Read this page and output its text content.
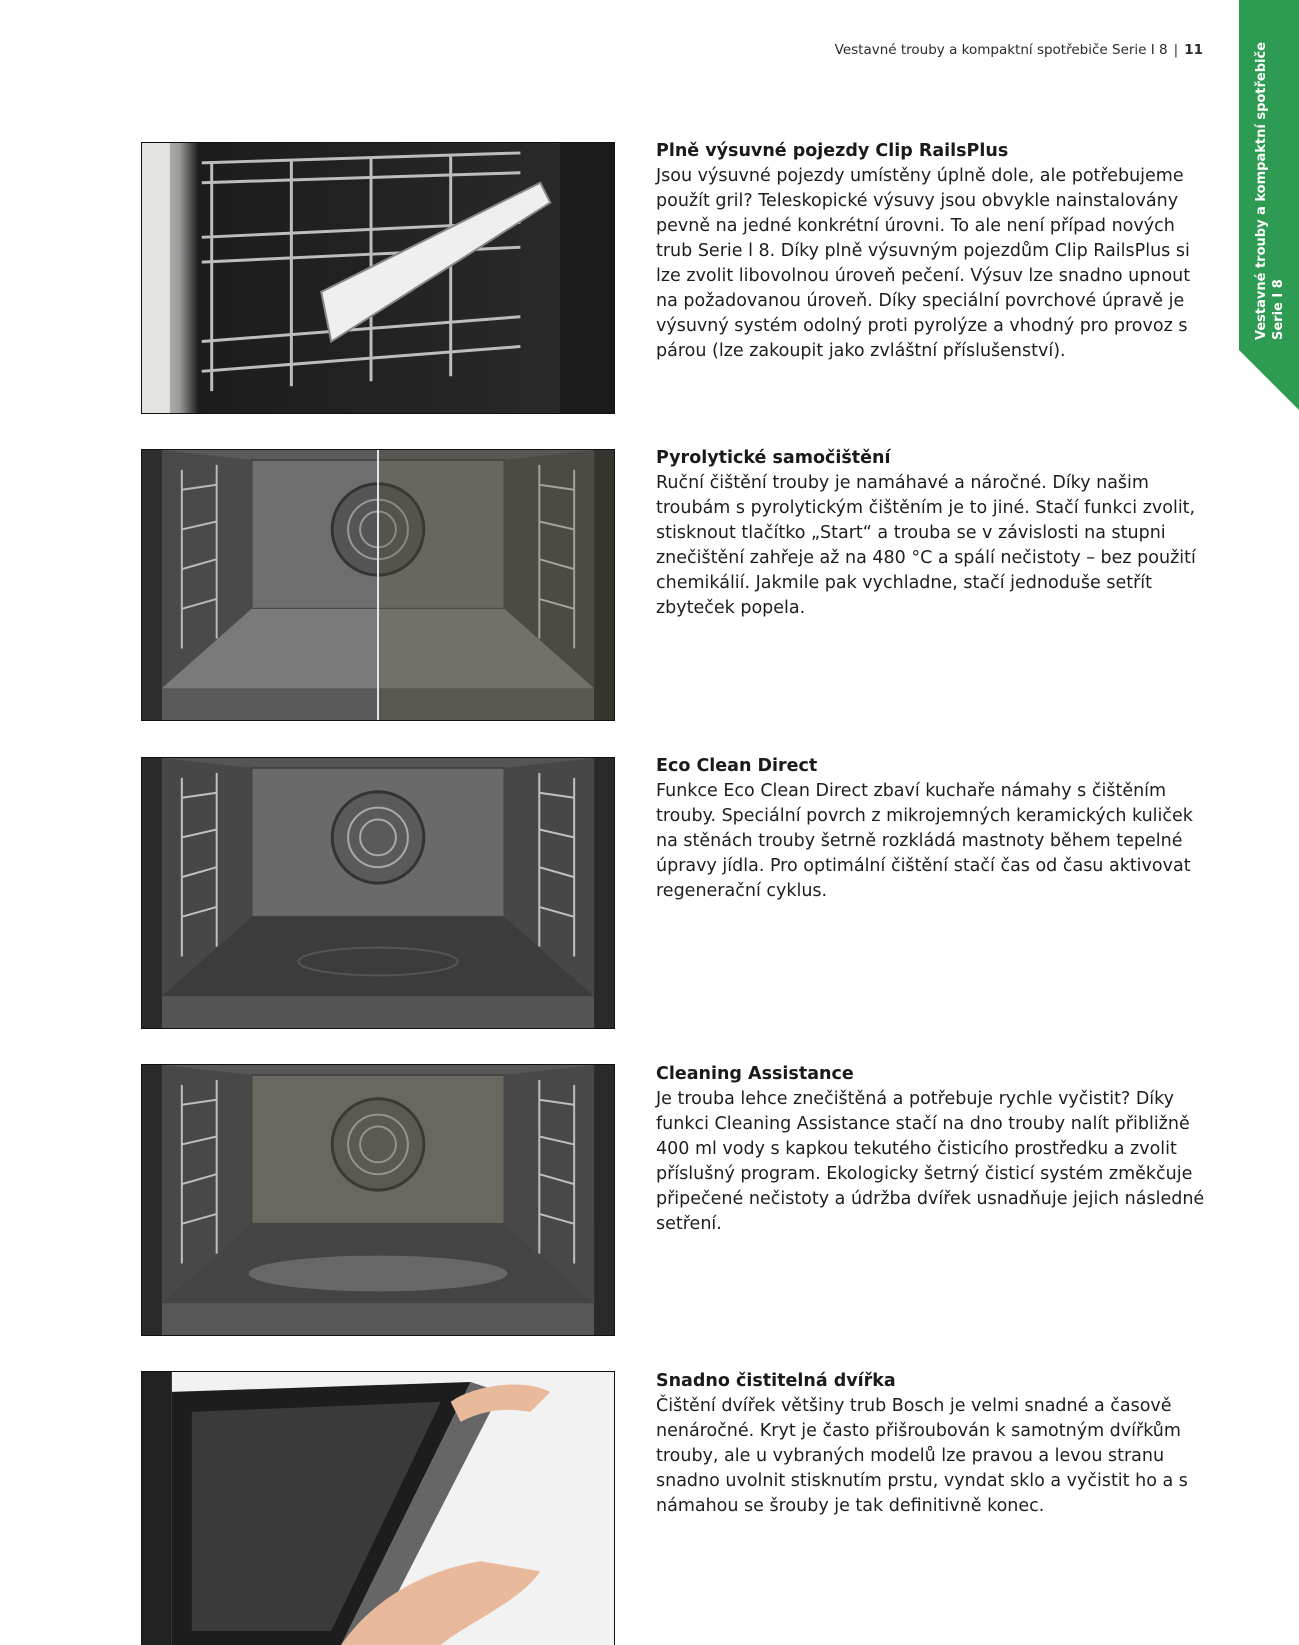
Vestavné trouby a kompaktní spotřebiče Serie I 8 | 11	Vestavné trouby a kompaktní spotřebiče Serie I 8
Plně výsuvné pojezdy Clip RailsPlus

Jsou výsuvné pojezdy umístěny úplně dole, ale potřebujeme použít gril? Teleskopické výsuvy jsou obvykle nainstalovány pevně na jedné konkrétní úrovni. To ale není případ nových trub Serie l 8. Díky plně výsuvným pojezdům Clip RailsPlus si lze zvolit libovolnou úroveň pečení. Výsuv lze snadno upnout na požadovanou úroveň. Díky speciální povrchové úpravě je výsuvný systém odolný proti pyrolýze a vhodný pro provoz s párou (lze zakoupit jako zvláštní příslušenství).

Pyrolytické samočištění

Ruční čištění trouby je namáhavé a náročné. Díky našim troubám s pyrolytickým čištěním je to jiné. Stačí funkci zvolit, stisknout tlačítko „Start“ a trouba se v závislosti na stupni znečištění zahřeje až na 480 °C a spálí nečistoty – bez použití chemikálií. Jakmile pak vychladne, stačí jednoduše setřít zbyteček popela.

Eco Clean Direct

Funkce Eco Clean Direct zbaví kuchaře námahy s čištěním trouby. Speciální povrch z mikrojemných keramických kuliček na stěnách trouby šetrně rozkládá mastnoty během tepelné úpravy jídla. Pro optimální čištění stačí čas od času aktivovat regenerační cyklus.

Cleaning Assistance

Je trouba lehce znečištěná a potřebuje rychle vyčistit? Díky funkci Cleaning Assistance stačí na dno trouby nalít přibližně 400 ml vody s kapkou tekutého čisticího prostředku a zvolit příslušný program. Ekologicky šetrný čisticí systém změkčuje připečené nečistoty a údržba dvířek usnadňuje jejich následné setření.

Snadno čistitelná dvířka

Čištění dvířek většiny trub Bosch je velmi snadné a časově nenáročné. Kryt je často přišroubován k samotným dvířkům trouby, ale u vybraných modelů lze pravou a levou stranu snadno uvolnit stisknutím prstu, vyndat sklo a vyčistit ho a s námahou se šrouby je tak definitivně konec.
